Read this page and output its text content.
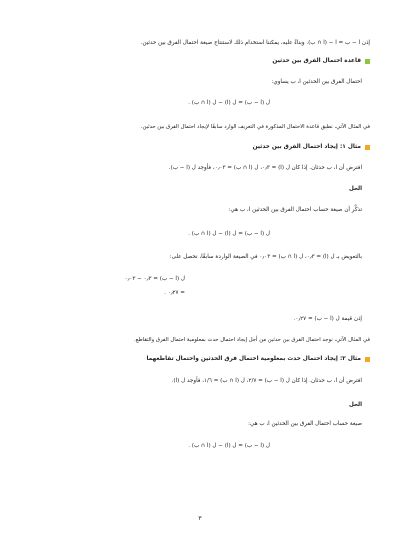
إذن ا − ب = ا − (ا ∩ ب). وبناءً عليه، يمكننا استخدام ذلك لاستنتاج صيغة احتمال الفرق بين حدثين.
قاعدة احتمال الفرق بين حدثين
احتمال الفرق بين الحدثين ا، ب يساوي:
ل (ا − ب) = ل (ا) − ل (ا ∩ ب) .
في المثال الآتي، نطبق قاعدة الاحتمال المذكورة في التعريف الوارد سابقًا لإيجاد احتمال الفرق بين حدثين.
مثال ١: إيجاد احتمال الفرق بين حدثين
افترض أن ا، ب حدثان. إذا كان ل (ا) = ٠٫٣، ل (ا ∩ ب) = ٠٫٠٣، فأوجد ل (ا − ب).
الحل
تذكَّر أن صيغة حساب احتمال الفرق بين الحدثين ا، ب هي:
ل (ا − ب) = ل (ا) − ل (ا ∩ ب) .
بالتعويض بـ ل (ا) = ٠٫٣، ل (ا ∩ ب) = ٠٫٠٣ في الصيغة الواردة سابقًا، نحصل على:
ل (ا − ب) = ٠٫٣ − ٠٫٠٣
= ٠٫٢٧ .
إذن قيمة ل (ا − ب) = ٠٫٢٧.
في المثال الآتي، نوجد احتمال الفرق بين حدثين من أجل إيجاد احتمال حدث بمعلومية احتمال الفرق والتقاطع.
مثال ٢: إيجاد احتمال حدث بمعلومية احتمال فرق الحدثين واحتمال تقاطعهما
افترض أن ا، ب حدثان. إذا كان ل (ا − ب) = ٢/٧، ل (ا ∩ ب) = ١/٦، فأوجد ل (ا).
الحل
صيغة حساب احتمال الفرق بين الحدثين ا، ب هي:
ل (ا − ب) = ل (ا) − ل (ا ∩ ب) .
٣
